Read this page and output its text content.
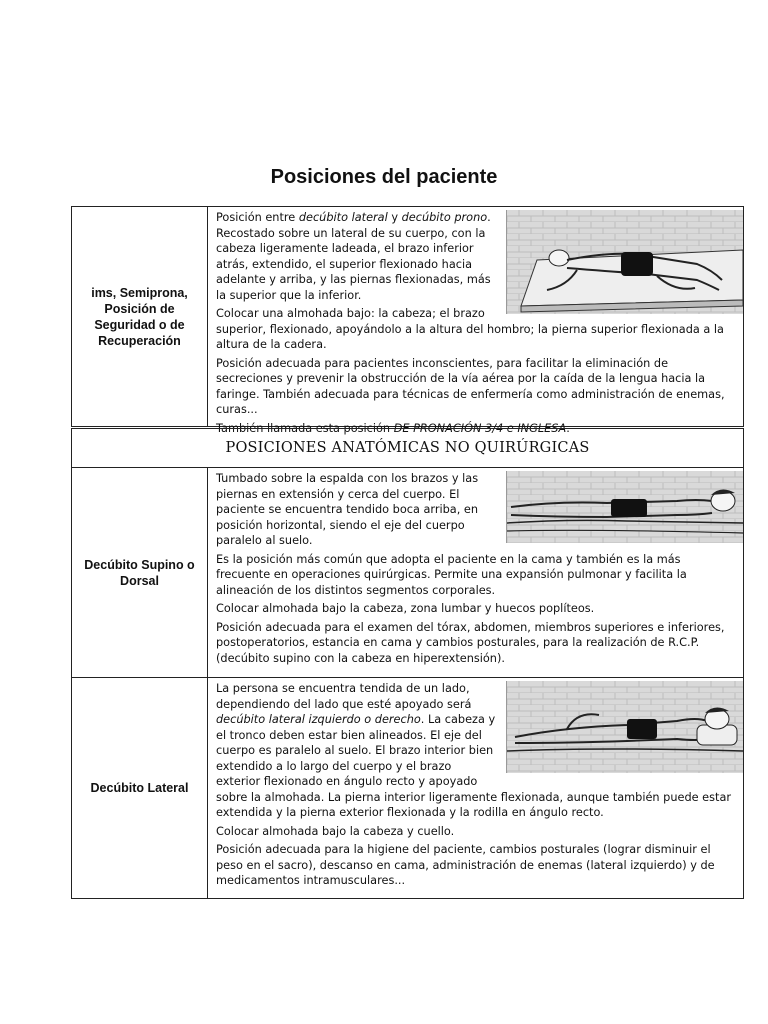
Posiciones del paciente
ims, Semiprona, Posición de Seguridad o de Recuperación

Posición entre decúbito lateral y decúbito prono. Recostado sobre un lateral de su cuerpo, con la cabeza ligeramente ladeada, el brazo inferior atrás, extendido, el superior flexionado hacia adelante y arriba, y las piernas flexionadas, más la superior que la inferior.

Colocar una almohada bajo: la cabeza; el brazo superior, flexionado, apoyándolo a la altura del hombro; la pierna superior flexionada a la altura de la cadera.

Posición adecuada para pacientes inconscientes, para facilitar la eliminación de secreciones y prevenir la obstrucción de la vía aérea por la caída de la lengua hacia la faringe. También adecuada para técnicas de enfermería como administración de enemas, curas...

También llamada esta posición DE PRONACIÓN 3/4 e INGLESA.

POSICIONES ANATÓMICAS NO QUIRÚRGICAS
Decúbito Supino o Dorsal

Tumbado sobre la espalda con los brazos y las piernas en extensión y cerca del cuerpo. El paciente se encuentra tendido boca arriba, en posición horizontal, siendo el eje del cuerpo paralelo al suelo.

Es la posición más común que adopta el paciente en la cama y también es la más frecuente en operaciones quirúrgicas. Permite una expansión pulmonar y facilita la alineación de los distintos segmentos corporales.

Colocar almohada bajo la cabeza, zona lumbar y huecos poplíteos.

Posición adecuada para el examen del tórax, abdomen, miembros superiores e inferiores, postoperatorios, estancia en cama y cambios posturales, para la realización de R.C.P. (decúbito supino con la cabeza en hiperextensión).

Decúbito Lateral

La persona se encuentra tendida de un lado, dependiendo del lado que esté apoyado será decúbito lateral izquierdo o derecho. La cabeza y el tronco deben estar bien alineados. El eje del cuerpo es paralelo al suelo. El brazo interior bien extendido a lo largo del cuerpo y el brazo exterior flexionado en ángulo recto y apoyado sobre la almohada. La pierna interior ligeramente flexionada, aunque también puede estar extendida y la pierna exterior flexionada y la rodilla en ángulo recto.

Colocar almohada bajo la cabeza y cuello.

Posición adecuada para la higiene del paciente, cambios posturales (lograr disminuir el peso en el sacro), descanso en cama, administración de enemas (lateral izquierdo) y de medicamentos intramusculares...
